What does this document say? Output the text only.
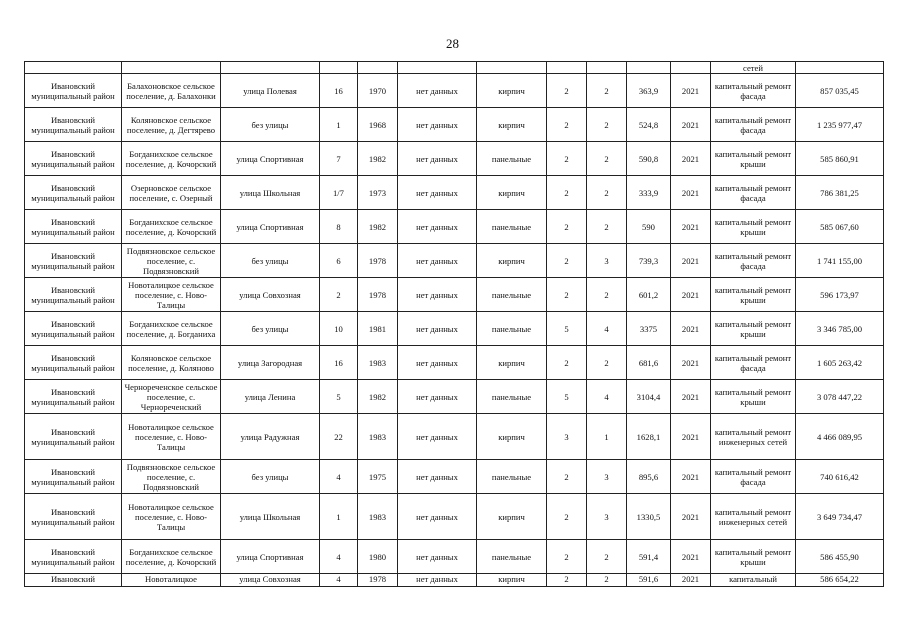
28
											сетей	
Ивановский муниципальный район	Балахоновское сельское поселение, д. Балахонки	улица Полевая	16	1970	нет данных	кирпич	2	2	363,9	2021	капитальный ремонт фасада	857 035,45
Ивановский муниципальный район	Коляновское сельское поселение, д. Дегтярево	без улицы	1	1968	нет данных	кирпич	2	2	524,8	2021	капитальный ремонт фасада	1 235 977,47
Ивановский муниципальный район	Богданихское сельское поселение, д. Кочорский	улица Спортивная	7	1982	нет данных	панельные	2	2	590,8	2021	капитальный ремонт крыши	585 860,91
Ивановский муниципальный район	Озерновское сельское поселение, с. Озерный	улица Школьная	1/7	1973	нет данных	кирпич	2	2	333,9	2021	капитальный ремонт фасада	786 381,25
Ивановский муниципальный район	Богданихское сельское поселение, д. Кочорский	улица Спортивная	8	1982	нет данных	панельные	2	2	590	2021	капитальный ремонт крыши	585 067,60
Ивановский муниципальный район	Подвязновское сельское поселение, с. Подвязновский	без улицы	6	1978	нет данных	кирпич	2	3	739,3	2021	капитальный ремонт фасада	1 741 155,00
Ивановский муниципальный район	Новоталицкое сельское поселение, с. Ново-Талицы	улица Совхозная	2	1978	нет данных	панельные	2	2	601,2	2021	капитальный ремонт крыши	596 173,97
Ивановский муниципальный район	Богданихское сельское поселение, д. Богданиха	без улицы	10	1981	нет данных	панельные	5	4	3375	2021	капитальный ремонт крыши	3 346 785,00
Ивановский муниципальный район	Коляновское сельское поселение, д. Коляново	улица Загородная	16	1983	нет данных	кирпич	2	2	681,6	2021	капитальный ремонт фасада	1 605 263,42
Ивановский муниципальный район	Чернореченское сельское поселение, с. Чернореченский	улица Ленина	5	1982	нет данных	панельные	5	4	3104,4	2021	капитальный ремонт крыши	3 078 447,22
Ивановский муниципальный район	Новоталицкое сельское поселение, с. Ново-Талицы	улица Радужная	22	1983	нет данных	кирпич	3	1	1628,1	2021	капитальный ремонт инженерных сетей	4 466 089,95
Ивановский муниципальный район	Подвязновское сельское поселение, с. Подвязновский	без улицы	4	1975	нет данных	панельные	2	3	895,6	2021	капитальный ремонт фасада	740 616,42
Ивановский муниципальный район	Новоталицкое сельское поселение, с. Ново-Талицы	улица Школьная	1	1983	нет данных	кирпич	2	3	1330,5	2021	капитальный ремонт инженерных сетей	3 649 734,47
Ивановский муниципальный район	Богданихское сельское поселение, д. Кочорский	улица Спортивная	4	1980	нет данных	панельные	2	2	591,4	2021	капитальный ремонт крыши	586 455,90
Ивановский	Новоталицкое	улица Совхозная	4	1978	нет данных	кирпич	2	2	591,6	2021	капитальный	586 654,22
